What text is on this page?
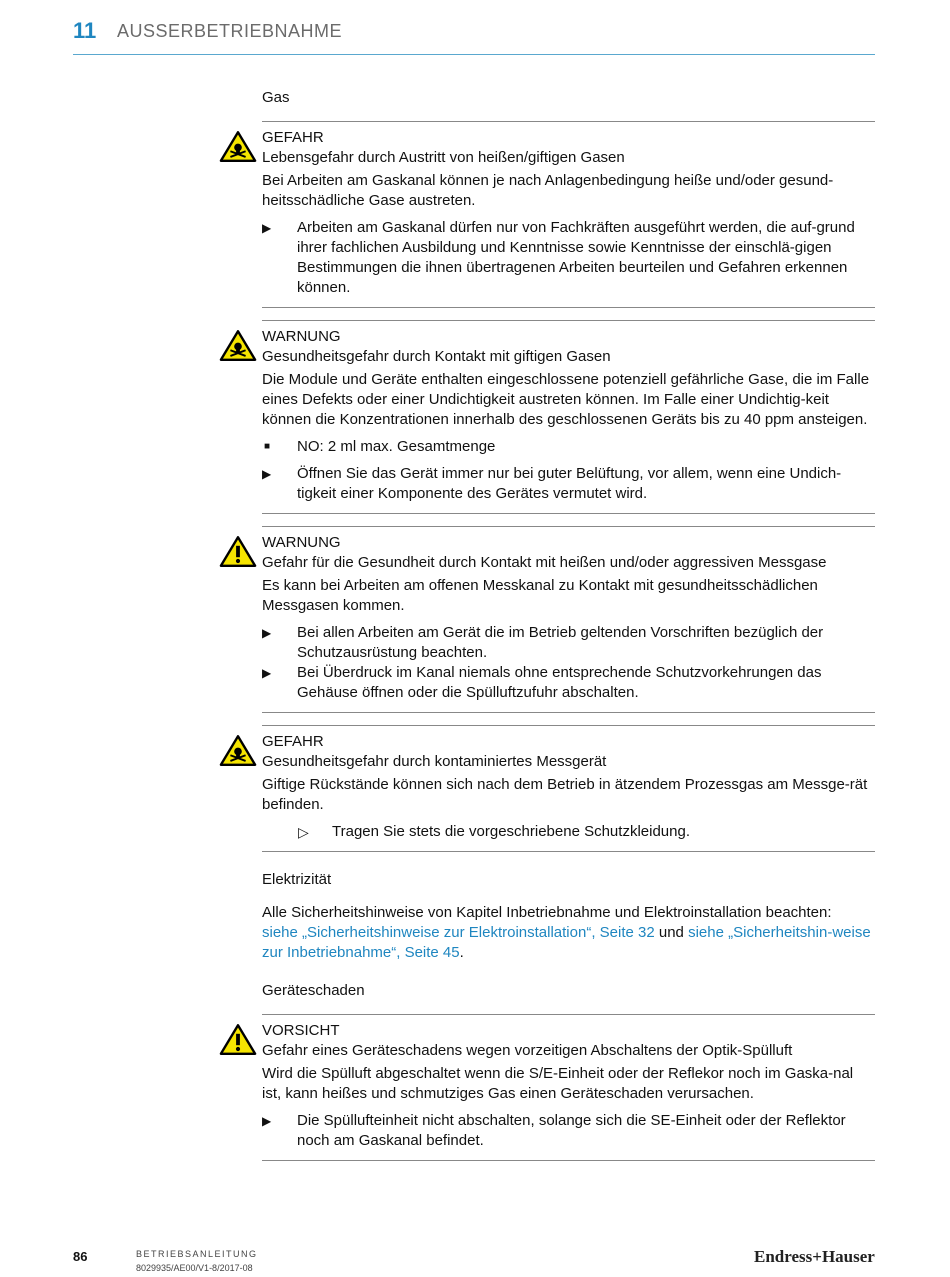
11 AUSSERBETRIEBNAHME
Gas
GEFAHR
Lebensgefahr durch Austritt von heißen/giftigen Gasen
Bei Arbeiten am Gaskanal können je nach Anlagenbedingung heiße und/oder gesund-heitsschädliche Gase austreten.
▶	Arbeiten am Gaskanal dürfen nur von Fachkräften ausgeführt werden, die auf-grund ihrer fachlichen Ausbildung und Kenntnisse sowie Kenntnisse der einschlä-gigen Bestimmungen die ihnen übertragenen Arbeiten beurteilen und Gefahren erkennen können.
WARNUNG
Gesundheitsgefahr durch Kontakt mit giftigen Gasen
Die Module und Geräte enthalten eingeschlossene potenziell gefährliche Gase, die im Falle eines Defekts oder einer Undichtigkeit austreten können. Im Falle einer Undichtig-keit können die Konzentrationen innerhalb des geschlossenen Geräts bis zu 40 ppm ansteigen.
■	NO: 2 ml max. Gesamtmenge
▶	Öffnen Sie das Gerät immer nur bei guter Belüftung, vor allem, wenn eine Undich-tigkeit einer Komponente des Gerätes vermutet wird.
WARNUNG
Gefahr für die Gesundheit durch Kontakt mit heißen und/oder aggressiven Messgase
Es kann bei Arbeiten am offenen Messkanal zu Kontakt mit gesundheitsschädlichen Messgasen kommen.
▶	Bei allen Arbeiten am Gerät die im Betrieb geltenden Vorschriften bezüglich der Schutzausrüstung beachten.
▶	Bei Überdruck im Kanal niemals ohne entsprechende Schutzvorkehrungen das Gehäuse öffnen oder die Spülluftzufuhr abschalten.
GEFAHR
Gesundheitsgefahr durch kontaminiertes Messgerät
Giftige Rückstände können sich nach dem Betrieb in ätzendem Prozessgas am Messge-rät befinden.
▷ Tragen Sie stets die vorgeschriebene Schutzkleidung.
Elektrizität
Alle Sicherheitshinweise von Kapitel Inbetriebnahme und Elektroinstallation beachten:
siehe „Sicherheitshinweise zur Elektroinstallation“, Seite 32 und siehe „Sicherheitshin-weise zur Inbetriebnahme“, Seite 45.
Geräteschaden
VORSICHT
Gefahr eines Geräteschadens wegen vorzeitigen Abschaltens der Optik-Spülluft
Wird die Spülluft abgeschaltet wenn die S/E-Einheit oder der Reflekor noch im Gaska-nal ist, kann heißes und schmutziges Gas einen Geräteschaden verursachen.
▶	Die Spüllufteinheit nicht abschalten, solange sich die SE-Einheit oder der Reflektor noch am Gaskanal befindet.
86	BETRIEBSANLEITUNG
8029935/AE00/V1-8/2017-08
Endress+Hauser
